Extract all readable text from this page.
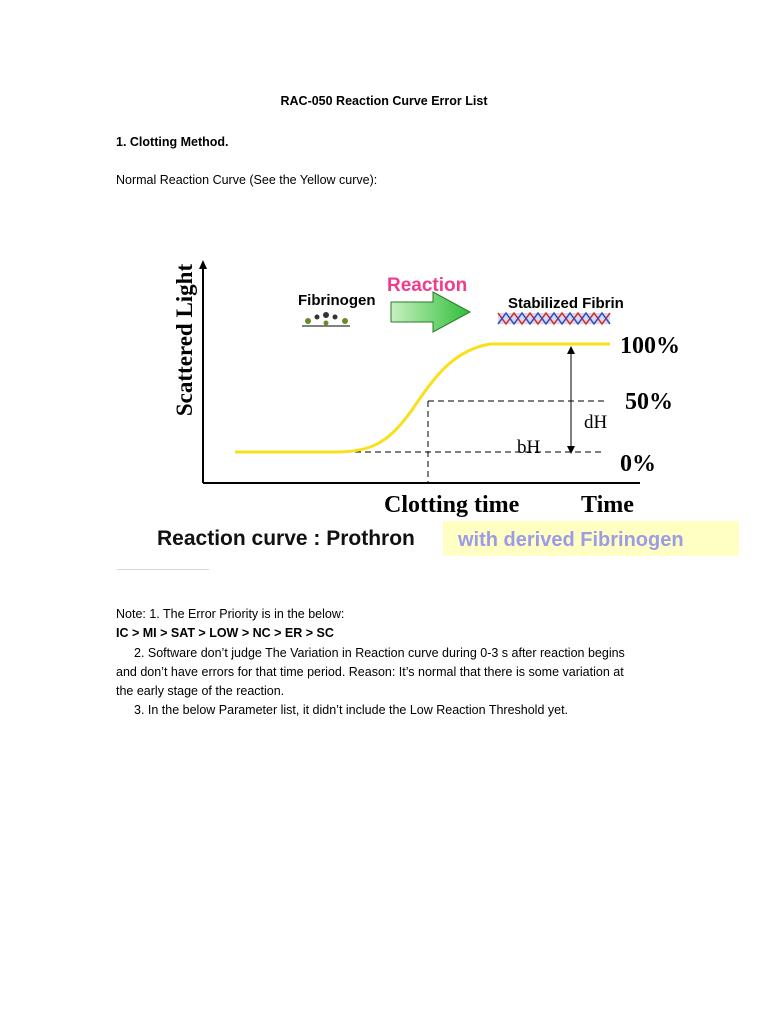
RAC-050 Reaction Curve Error List
1. Clotting Method.
Normal Reaction Curve (See the Yellow curve):
Scattered Light
Clotting time	Time
100%
50%
0%
dH
bH
Reaction
Fibrinogen	Stabilized Fibrin
Reaction curve : Prothron with derived Fibrinogen
Note: 1. The Error Priority is in the below:
IC > MI > SAT > LOW > NC > ER > SC
2. Software don’t judge The Variation in Reaction curve during 0-3 s after reaction begins
and don’t have errors for that time period. Reason: It’s normal that there is some variation at
the early stage of the reaction.
3. In the below Parameter list, it didn’t include the Low Reaction Threshold yet.
